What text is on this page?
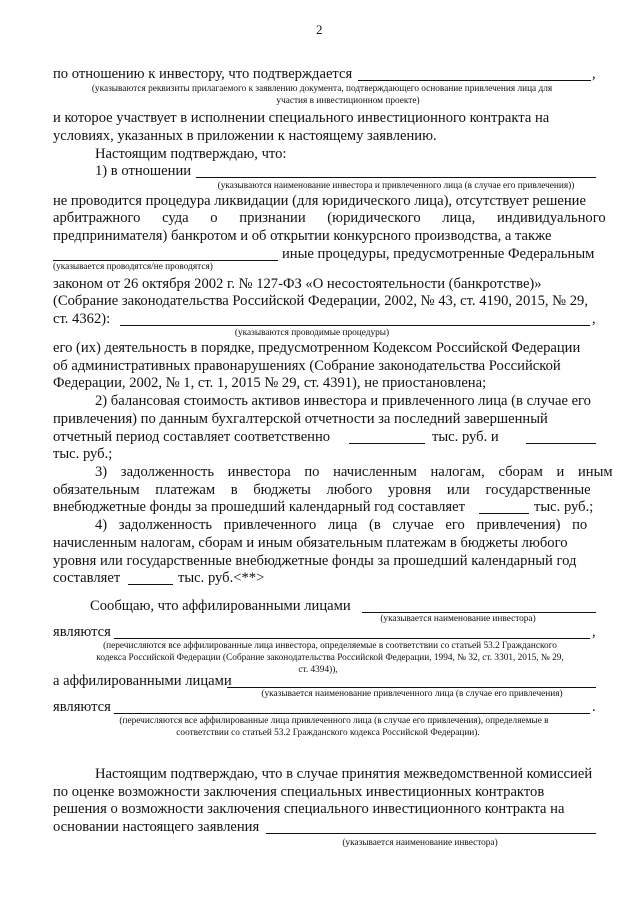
2
по отношению к инвестору, что подтверждается	,
(указываются реквизиты прилагаемого к заявлению документа, подтверждающего основание привлечения лица для
участия в инвестиционном проекте)
и которое участвует в исполнении специального инвестиционного контракта на
условиях, указанных в приложении к настоящему заявлению.
Настоящим подтверждаю, что:
1) в отношении
(указываются наименование инвестора и привлеченного лица (в случае его привлечения))
не проводится процедура ликвидации (для юридического лица), отсутствует решение
арбитражного суда о признании (юридического лица, индивидуального
предпринимателя) банкротом и об открытии конкурсного производства, а также
иные процедуры, предусмотренные Федеральным
(указывается проводятся/не проводятся)
законом от 26 октября 2002 г. № 127-ФЗ «О несостоятельности (банкротстве)»
(Собрание законодательства Российской Федерации, 2002, № 43, ст. 4190, 2015, № 29,
ст. 4362):	,
(указываются проводимые процедуры)
его (их) деятельность в порядке, предусмотренном Кодексом Российской Федерации
об административных правонарушениях (Собрание законодательства Российской
Федерации, 2002, № 1, ст. 1, 2015 № 29, ст. 4391), не приостановлена;
2) балансовая стоимость активов инвестора и привлеченного лица (в случае его
привлечения) по данным бухгалтерской отчетности за последний завершенный
отчетный период составляет соответственно	тыс. руб. и
тыс. руб.;
3) задолженность инвестора по начисленным налогам, сборам и иным
обязательным платежам в бюджеты любого уровня или государственные
внебюджетные фонды за прошедший календарный год составляет	тыс. руб.;
4) задолженность привлеченного лица (в случае его привлечения) по
начисленным налогам, сборам и иным обязательным платежам в бюджеты любого
уровня или государственные внебюджетные фонды за прошедший календарный год
составляет	тыс. руб.<**>
Сообщаю, что аффилированными лицами
(указывается наименование инвестора)
являются	,
(перечисляются все аффилированные лица инвестора, определяемые в соответствии со статьей 53.2 Гражданского
кодекса Российской Федерации (Собрание законодательства Российской Федерации, 1994, № 32, ст. 3301, 2015, № 29,
ст. 4394)),
а аффилированными лицами
(указывается наименование привлеченного лица (в случае его привлечения)
являются	.
(перечисляются все аффилированные лица привлеченного лица (в случае его привлечения), определяемые в
соответствии со статьей 53.2 Гражданского кодекса Российской Федерации).
Настоящим подтверждаю, что в случае принятия межведомственной комиссией
по оценке возможности заключения специальных инвестиционных контрактов
решения о возможности заключения специального инвестиционного контракта на
основании настоящего заявления
(указывается наименование инвестора)
